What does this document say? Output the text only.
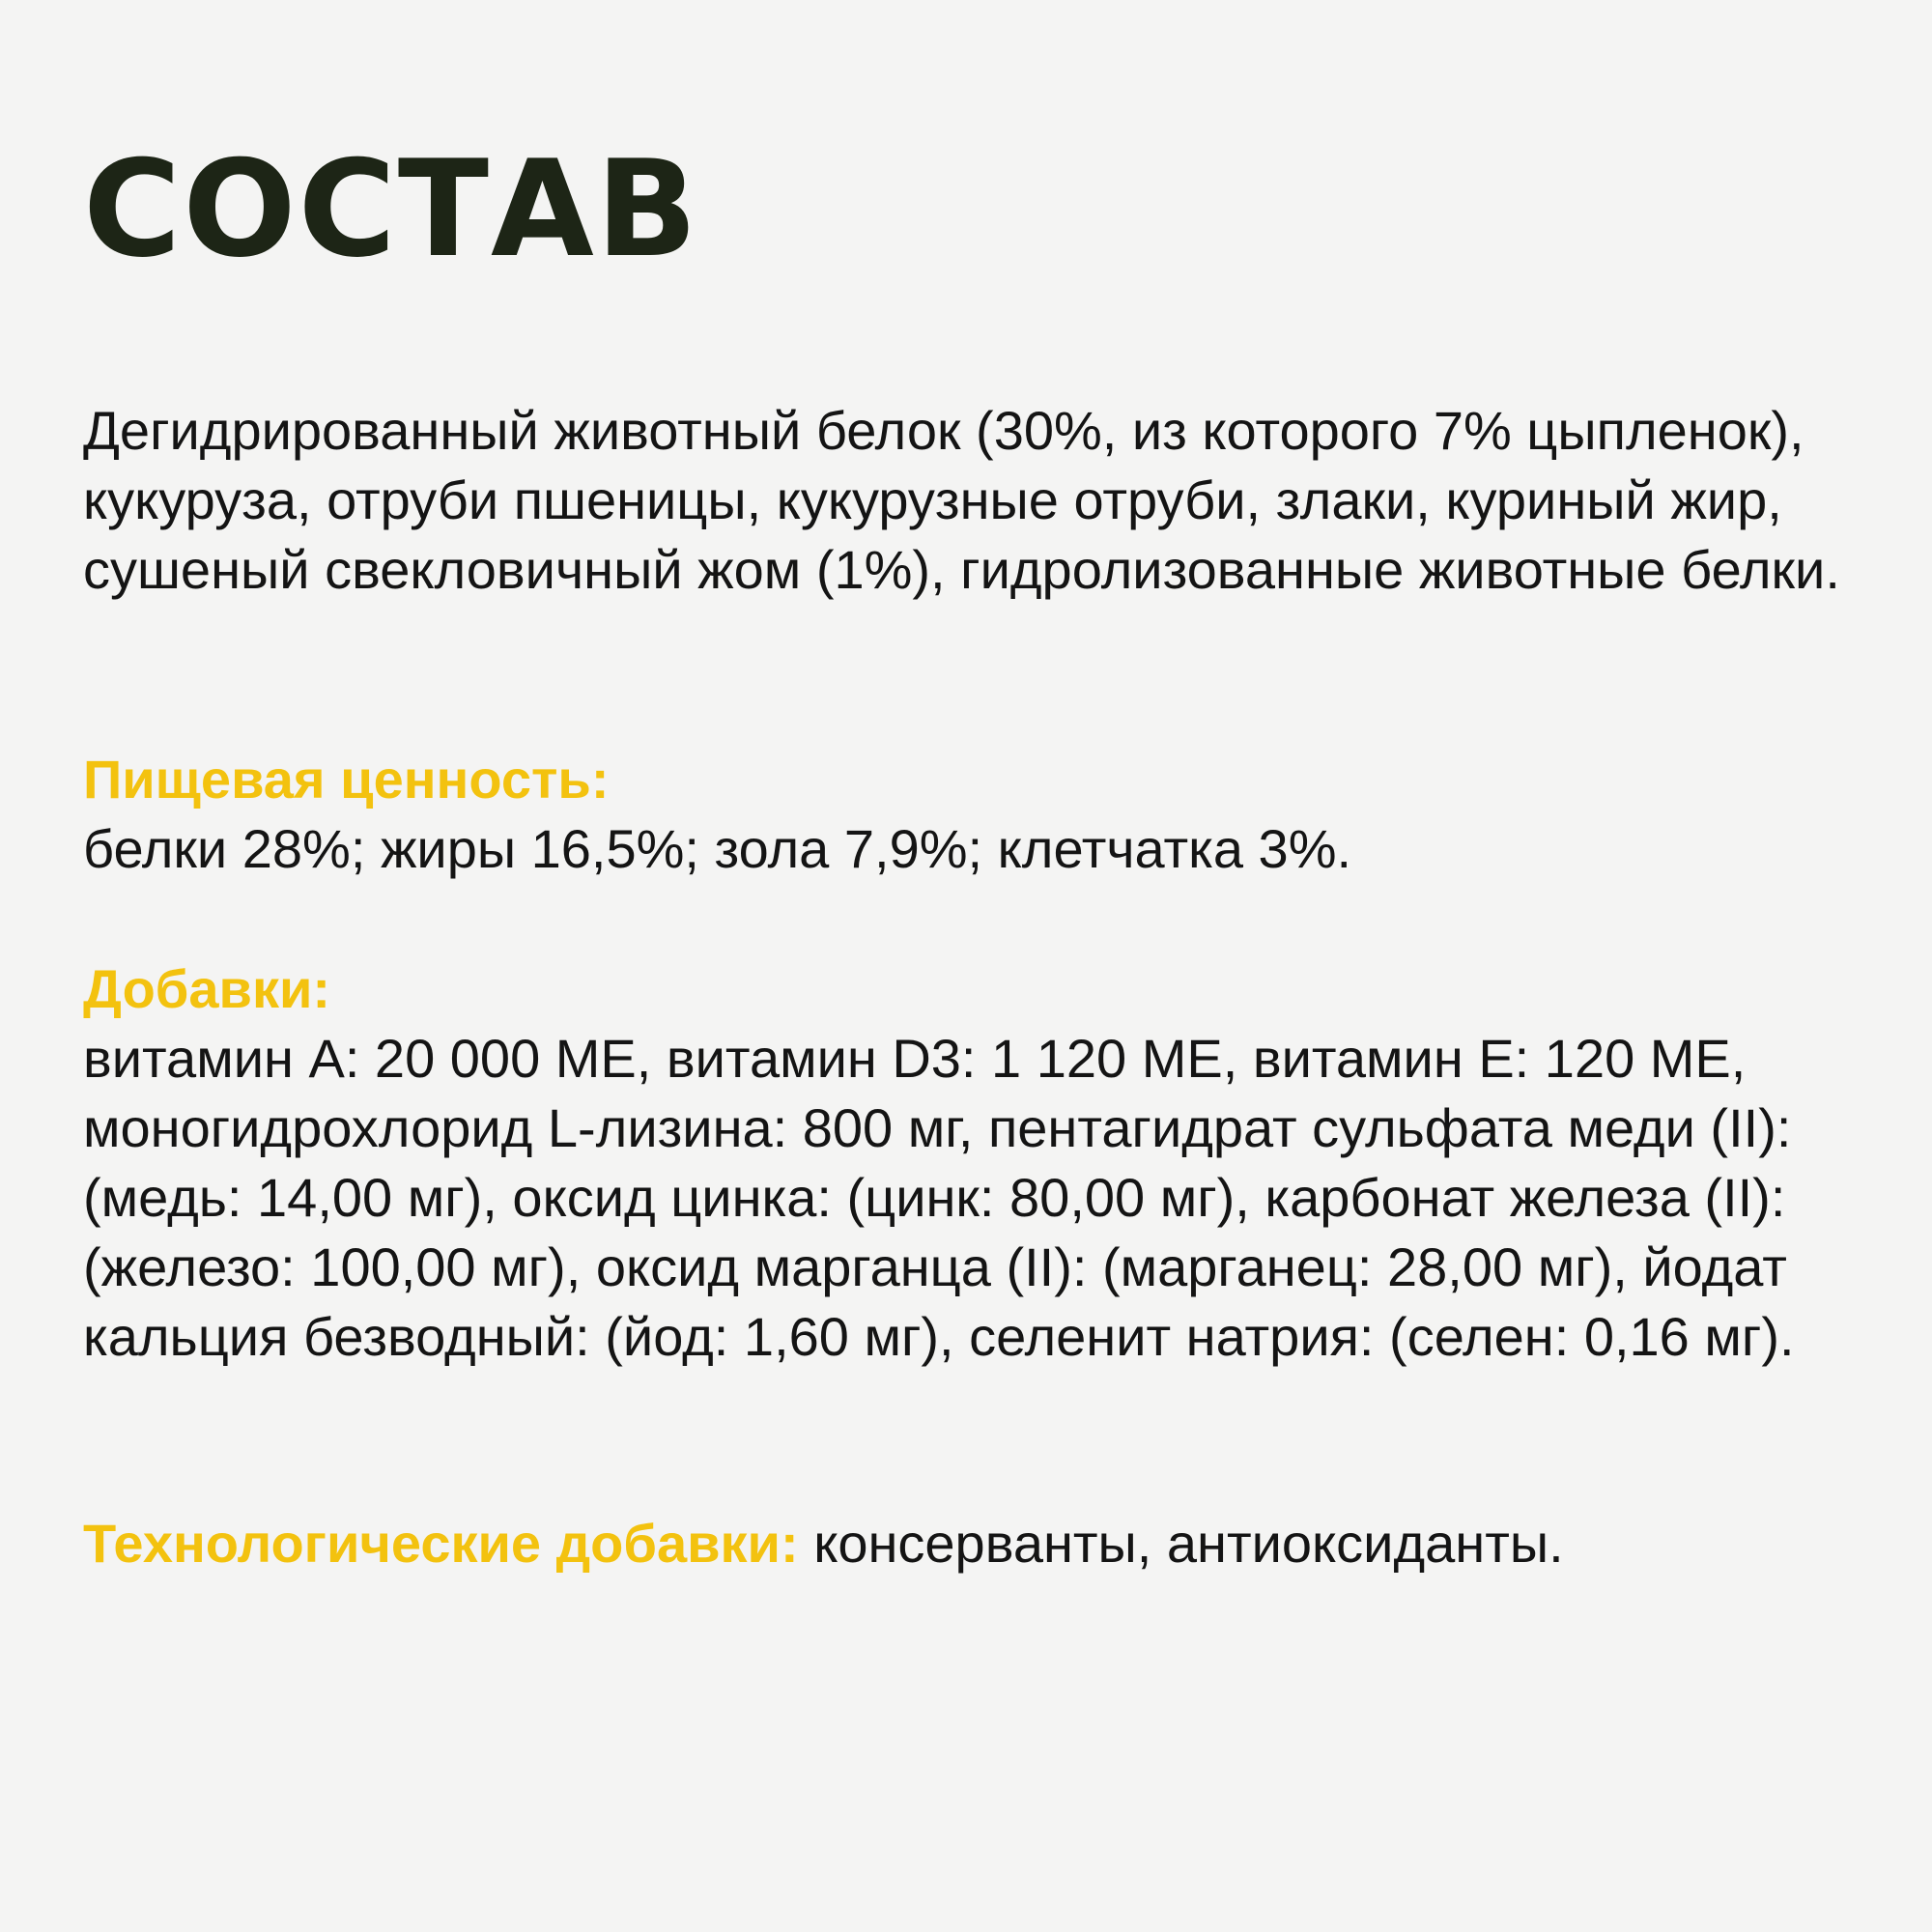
СОСТАВ

Дегидрированный животный белок (30%, из которого 7% цыпленок), кукуруза, отруби пшеницы, кукурузные отруби, злаки, куриный жир, сушеный свекловичный жом (1%), гидролизованные животные белки.

Пищевая ценность:
белки 28%; жиры 16,5%; зола 7,9%; клетчатка 3%.

Добавки:
витамин А: 20 000 МЕ, витамин D3: 1 120 МЕ, витамин Е: 120 МЕ, моногидрохлорид L-лизина: 800 мг, пентагидрат сульфата меди (II): (медь: 14,00 мг), оксид цинка: (цинк: 80,00 мг), карбонат железа (II): (железо: 100,00 мг), оксид марганца (II): (марганец: 28,00 мг), йодат кальция безводный: (йод: 1,60 мг), селенит натрия: (селен: 0,16 мг).

Технологические добавки: консерванты, антиоксиданты.
